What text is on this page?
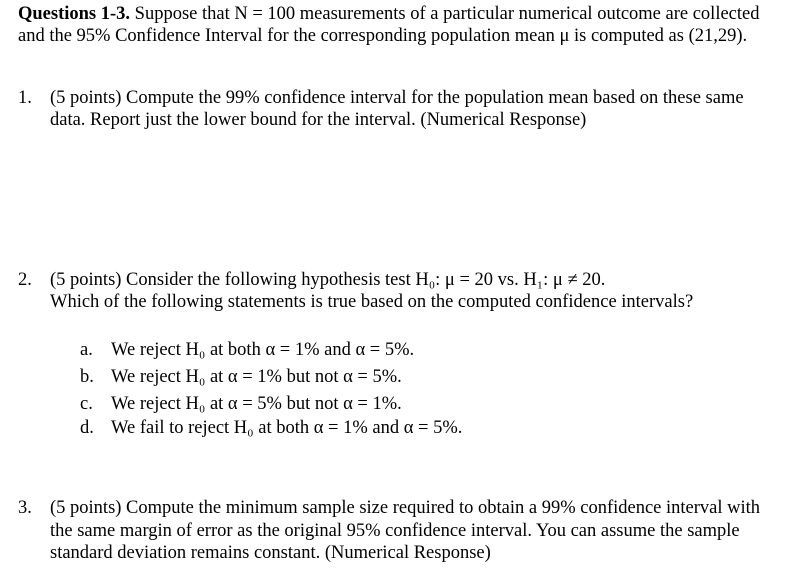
Questions 1-3. Suppose that N = 100 measurements of a particular numerical outcome are collected
and the 95% Confidence Interval for the corresponding population mean μ is computed as (21,29).
1. (5 points) Compute the 99% confidence interval for the population mean based on these same
data. Report just the lower bound for the interval. (Numerical Response)
2. (5 points) Consider the following hypothesis test H₀: μ = 20 vs. H₁: μ ≠ 20.
Which of the following statements is true based on the computed confidence intervals?
a. We reject H₀ at both α = 1% and α = 5%.
b. We reject H₀ at α = 1% but not α = 5%.
c. We reject H₀ at α = 5% but not α = 1%.
d. We fail to reject H₀ at both α = 1% and α = 5%.
3. (5 points) Compute the minimum sample size required to obtain a 99% confidence interval with
the same margin of error as the original 95% confidence interval. You can assume the sample
standard deviation remains constant. (Numerical Response)
